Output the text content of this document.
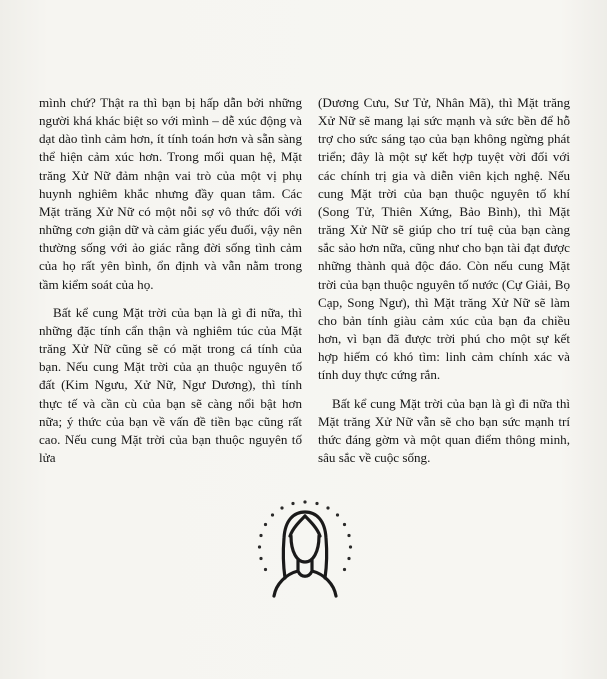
mình chứ? Thật ra thì bạn bị hấp dẫn bởi những người khá khác biệt so với mình – dễ xúc động và dạt dào tình cảm hơn, ít tính toán hơn và sẵn sàng thể hiện cảm xúc hơn. Trong mối quan hệ, Mặt trăng Xử Nữ đảm nhận vai trò của một vị phụ huynh nghiêm khắc nhưng đầy quan tâm. Các Mặt trăng Xử Nữ có một nỗi sợ vô thức đối với những cơn giận dữ và cảm giác yếu đuối, vậy nên thường sống với ảo giác rằng đời sống tình cảm của họ rất yên bình, ổn định và vẫn nằm trong tầm kiểm soát của họ.

Bất kể cung Mặt trời của bạn là gì đi nữa, thì những đặc tính cẩn thận và nghiêm túc của Mặt trăng Xử Nữ cũng sẽ có mặt trong cá tính của bạn. Nếu cung Mặt trời của ạn thuộc nguyên tố đất (Kim Ngưu, Xử Nữ, Ngư Dương), thì tính thực tế và cần cù của bạn sẽ càng nổi bật hơn nữa; ý thức của bạn về vấn đề tiền bạc cũng rất cao. Nếu cung Mặt trời của bạn thuộc nguyên tố lửa

(Dương Cưu, Sư Tử, Nhân Mã), thì Mặt trăng Xử Nữ sẽ mang lại sức mạnh và sức bền để hỗ trợ cho sức sáng tạo của bạn không ngừng phát triển; đây là một sự kết hợp tuyệt vời đối với các chính trị gia và diễn viên kịch nghệ. Nếu cung Mặt trời của bạn thuộc nguyên tố khí (Song Tử, Thiên Xứng, Bảo Bình), thì Mặt trăng Xử Nữ sẽ giúp cho trí tuệ của bạn càng sắc sảo hơn nữa, cũng như cho bạn tài đạt được những thành quả độc đáo. Còn nếu cung Mặt trời của bạn thuộc nguyên tố nước (Cự Giải, Bọ Cạp, Song Ngư), thì Mặt trăng Xử Nữ sẽ làm cho bản tính giàu cảm xúc của bạn đa chiều hơn, vì bạn đã được trời phú cho một sự kết hợp hiếm có khó tìm: linh cảm chính xác và tính duy thực cứng rắn.

Bất kể cung Mặt trời của bạn là gì đi nữa thì Mặt trăng Xử Nữ vẫn sẽ cho bạn sức mạnh trí thức đáng gờm và một quan điểm thông minh, sâu sắc về cuộc sống.
